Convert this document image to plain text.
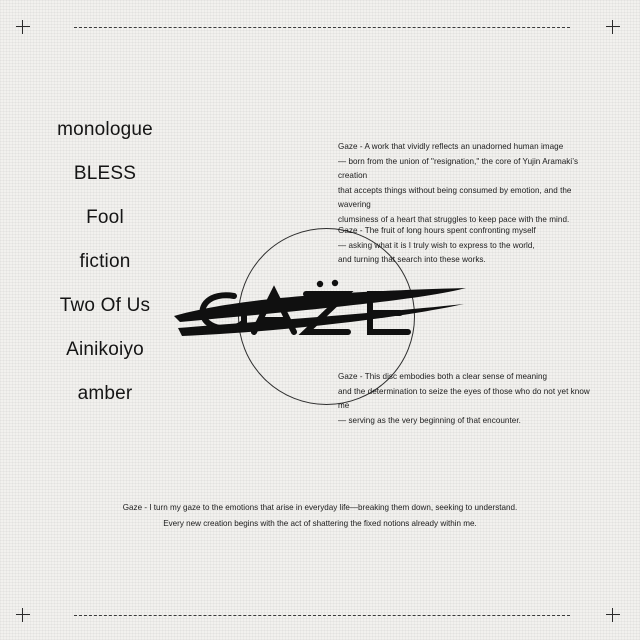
monologue
BLESS
Fool
fiction
Two Of Us
Ainikoiyo
amber
Gaze - A work that vividly reflects an unadorned human image
— born from the union of "resignation," the core of Yujin Aramaki’s creation
that accepts things without being consumed by emotion, and the wavering
clumsiness of a heart that struggles to keep pace with the mind.
Gaze - The fruit of long hours spent confronting myself
— asking what it is I truly wish to express to the world,
and turning that search into these works.
Gaze - This disc embodies both a clear sense of meaning
and the determination to seize the eyes of those who do not yet know me
— serving as the very beginning of that encounter.
Gaze - I turn my gaze to the emotions that arise in everyday life—breaking them down, seeking to understand.
Every new creation begins with the act of shattering the fixed notions already within me.
